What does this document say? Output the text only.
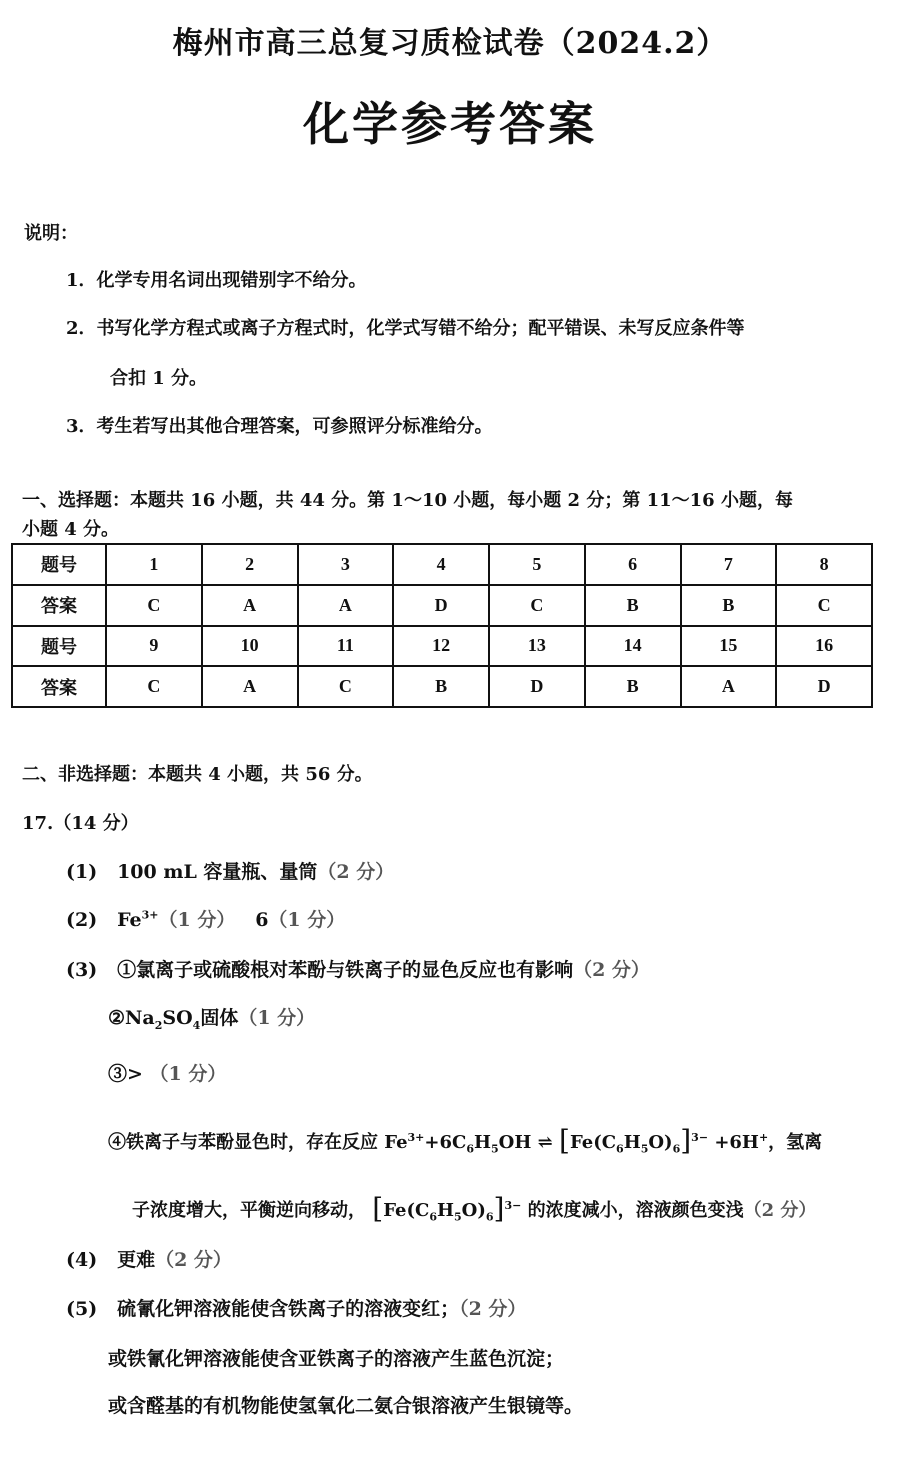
梅州市高三总复习质检试卷（2024.2）
化学参考答案
说明：
1．化学专用名词出现错别字不给分。
2．书写化学方程式或离子方程式时，化学式写错不给分；配平错误、未写反应条件等
合扣 1 分。
3．考生若写出其他合理答案，可参照评分标准给分。
一、选择题：本题共 16 小题，共 44 分。第 1～10 小题，每小题 2 分；第 11～16 小题，每
小题 4 分。
题号	1	2	3	4	5	6	7	8
答案	C	A	A	D	C	B	B	C
题号	9	10	11	12	13	14	15	16
答案	C	A	C	B	D	B	A	D
二、非选择题：本题共 4 小题，共 56 分。
17.（14 分）
(1) 100 mL 容量瓶、量筒（2 分）
(2) $Fe^{3+}(1$ 分） 6（1 分）
(3) ①氯离子或硫酸根对苯酚与铁离子的显色反应也有影响（2 分）
$②Na_2SO_4$固体（1 分）
③> （1 分）
④铁离子与苯酚显色时，存在反应 $Fe^{3+}+6C_6H_5OH$ ⇌ $[Fe(C_6H_5O)_6]^{3-} +6H^+$，氢离
子浓度增大，平衡逆向移动， $[Fe(C_6H_5O)_6]^{3-}$ 的浓度减小，溶液颜色变浅（2 分）
(4) 更难（2 分）
(5) 硫氰化钾溶液能使含铁离子的溶液变红；（2 分）
或铁氰化钾溶液能使含亚铁离子的溶液产生蓝色沉淀；
或含醛基的有机物能使氢氧化二氨合银溶液产生银镜等。
